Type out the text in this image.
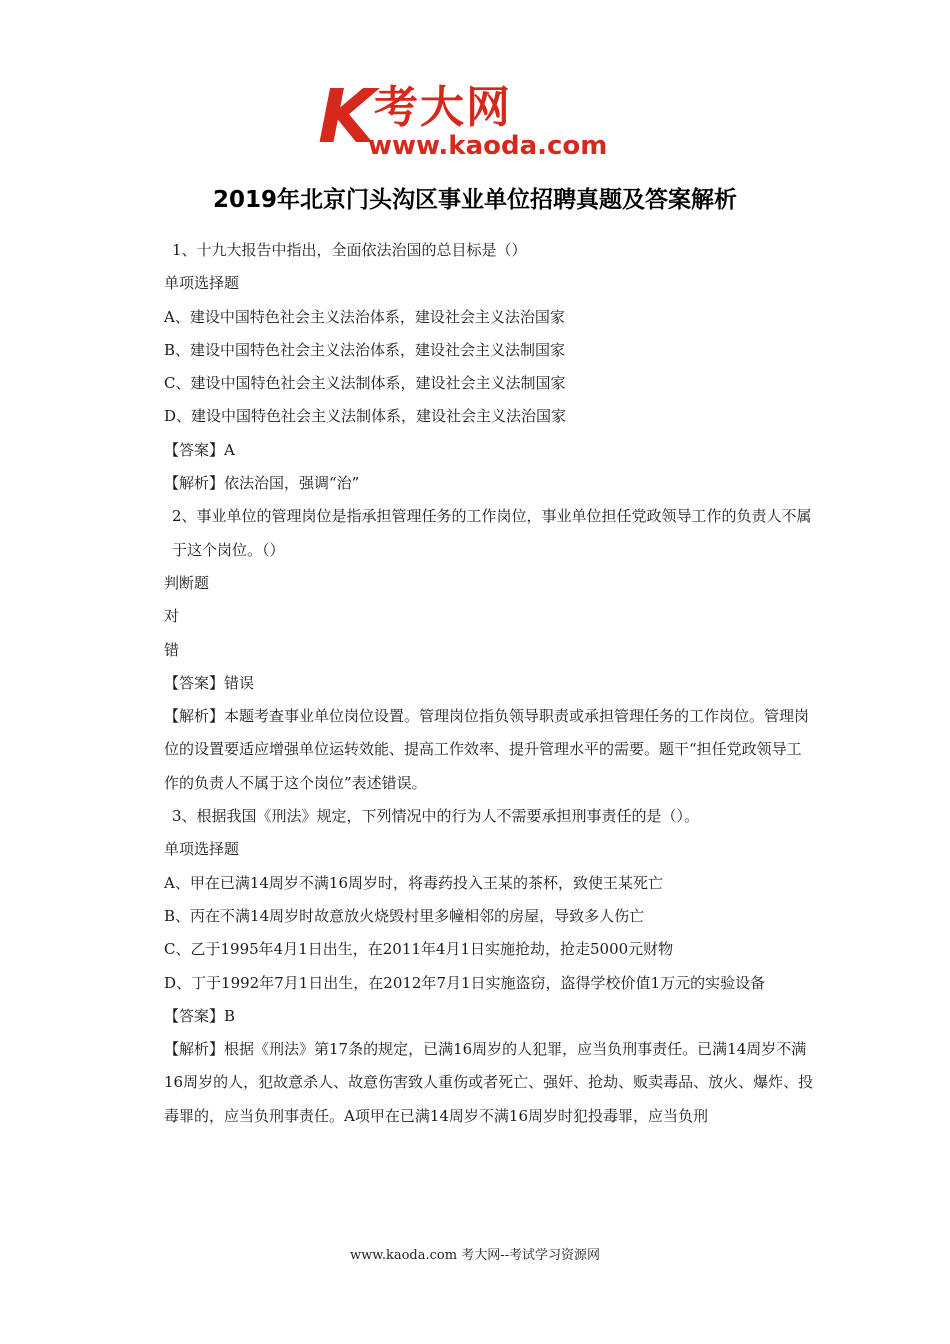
K 考大网
www.kaoda.com
2019年北京门头沟区事业单位招聘真题及答案解析

1、十九大报告中指出，全面依法治国的总目标是（）

单项选择题

A、建设中国特色社会主义法治体系，建设社会主义法治国家

B、建设中国特色社会主义法治体系，建设社会主义法制国家

C、建设中国特色社会主义法制体系，建设社会主义法制国家

D、建设中国特色社会主义法制体系，建设社会主义法治国家

【答案】A

【解析】依法治国，强调“治”

2、事业单位的管理岗位是指承担管理任务的工作岗位，事业单位担任党政领导工作的负责人不属于这个岗位。（）

判断题

对

错

【答案】错误

【解析】本题考查事业单位岗位设置。管理岗位指负领导职责或承担管理任务的工作岗位。管理岗位的设置要适应增强单位运转效能、提高工作效率、提升管理水平的需要。题干“担任党政领导工作的负责人不属于这个岗位”表述错误。

3、根据我国《刑法》规定，下列情况中的行为人不需要承担刑事责任的是（）。

单项选择题

A、甲在已满14周岁不满16周岁时，将毒药投入王某的茶杯，致使王某死亡

B、丙在不满14周岁时故意放火烧毁村里多幢相邻的房屋，导致多人伤亡

C、乙于1995年4月1日出生，在2011年4月1日实施抢劫，抢走5000元财物

D、丁于1992年7月1日出生，在2012年7月1日实施盗窃，盗得学校价值1万元的实验设备

【答案】B

【解析】根据《刑法》第17条的规定，已满16周岁的人犯罪，应当负刑事责任。已满14周岁不满16周岁的人，犯故意杀人、故意伤害致人重伤或者死亡、强奸、抢劫、贩卖毒品、放火、爆炸、投毒罪的，应当负刑事责任。A项甲在已满14周岁不满16周岁时犯投毒罪，应当负刑

www.kaoda.com 考大网--考试学习资源网
